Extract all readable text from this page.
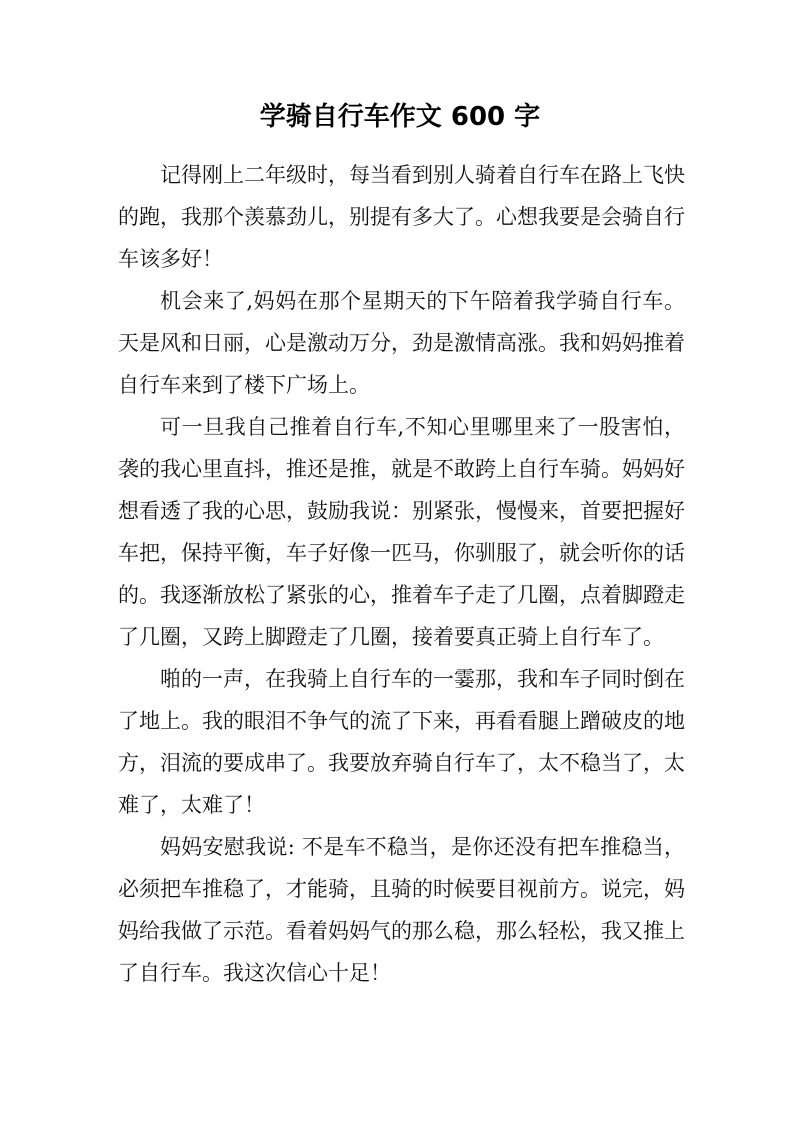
学骑自行车作文 600 字

记得刚上二年级时，每当看到别人骑着自行车在路上飞快的跑，我那个羡慕劲儿，别提有多大了。心想我要是会骑自行车该多好！

机会来了,妈妈在那个星期天的下午陪着我学骑自行车。天是风和日丽，心是激动万分，劲是激情高涨。我和妈妈推着自行车来到了楼下广场上。

可一旦我自己推着自行车,不知心里哪里来了一股害怕，袭的我心里直抖，推还是推，就是不敢跨上自行车骑。妈妈好想看透了我的心思，鼓励我说：别紧张，慢慢来，首要把握好车把，保持平衡，车子好像一匹马，你驯服了，就会听你的话的。我逐渐放松了紧张的心，推着车子走了几圈，点着脚蹬走了几圈，又跨上脚蹬走了几圈，接着要真正骑上自行车了。

啪的一声，在我骑上自行车的一霎那，我和车子同时倒在了地上。我的眼泪不争气的流了下来，再看看腿上蹭破皮的地方，泪流的要成串了。我要放弃骑自行车了，太不稳当了，太难了，太难了！

妈妈安慰我说: 不是车不稳当，是你还没有把车推稳当，必须把车推稳了，才能骑，且骑的时候要目视前方。说完，妈妈给我做了示范。看着妈妈气的那么稳，那么轻松，我又推上了自行车。我这次信心十足！
